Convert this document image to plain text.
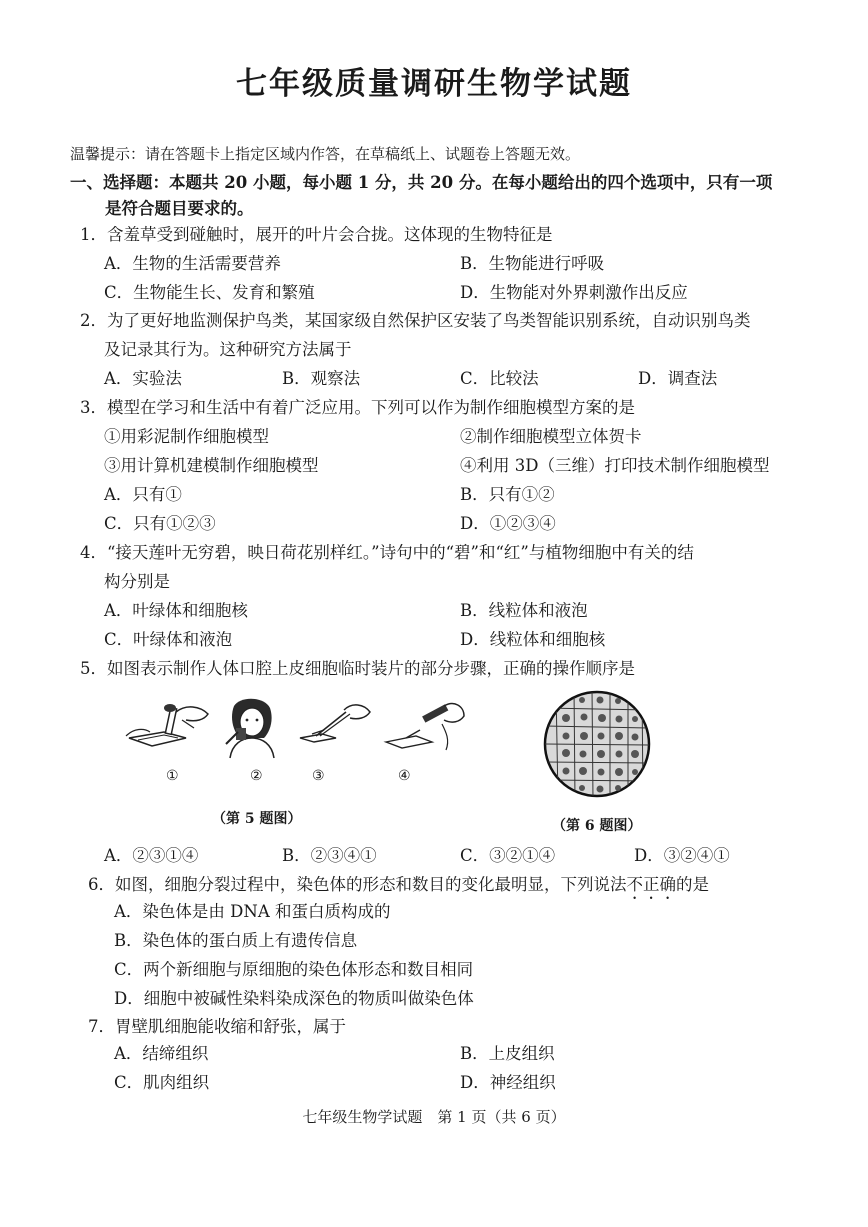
七年级质量调研生物学试题
温馨提示：请在答题卡上指定区域内作答，在草稿纸上、试题卷上答题无效。
一、选择题：本题共 20 小题，每小题 1 分，共 20 分。在每小题给出的四个选项中，只有一项
是符合题目要求的。
1．含羞草受到碰触时，展开的叶片会合拢。这体现的生物特征是
A．生物的生活需要营养	B．生物能进行呼吸
C．生物能生长、发育和繁殖	D．生物能对外界刺激作出反应
2．为了更好地监测保护鸟类，某国家级自然保护区安装了鸟类智能识别系统，自动识别鸟类
及记录其行为。这种研究方法属于
A．实验法	B．观察法	C．比较法	D．调查法
3．模型在学习和生活中有着广泛应用。下列可以作为制作细胞模型方案的是
①用彩泥制作细胞模型	②制作细胞模型立体贺卡
③用计算机建模制作细胞模型	④利用 3D（三维）打印技术制作细胞模型
A．只有①	B．只有①②
C．只有①②③	D．①②③④
4．“接天莲叶无穷碧，映日荷花别样红。”诗句中的“碧”和“红”与植物细胞中有关的结
构分别是
A．叶绿体和细胞核	B．线粒体和液泡
C．叶绿体和液泡	D．线粒体和细胞核
5．如图表示制作人体口腔上皮细胞临时装片的部分步骤，正确的操作顺序是
①	②	③	④
（第 5 题图）	（第 6 题图）
A．②③①④	B．②③④①	C．③②①④	D．③②④①
6．如图，细胞分裂过程中，染色体的形态和数目的变化最明显，下列说法不正确的是
A．染色体是由 DNA 和蛋白质构成的
B．染色体的蛋白质上有遗传信息
C．两个新细胞与原细胞的染色体形态和数目相同
D．细胞中被碱性染料染成深色的物质叫做染色体
7．胃壁肌细胞能收缩和舒张，属于
A．结缔组织	B．上皮组织
C．肌肉组织	D．神经组织
七年级生物学试题　第 1 页（共 6 页）
